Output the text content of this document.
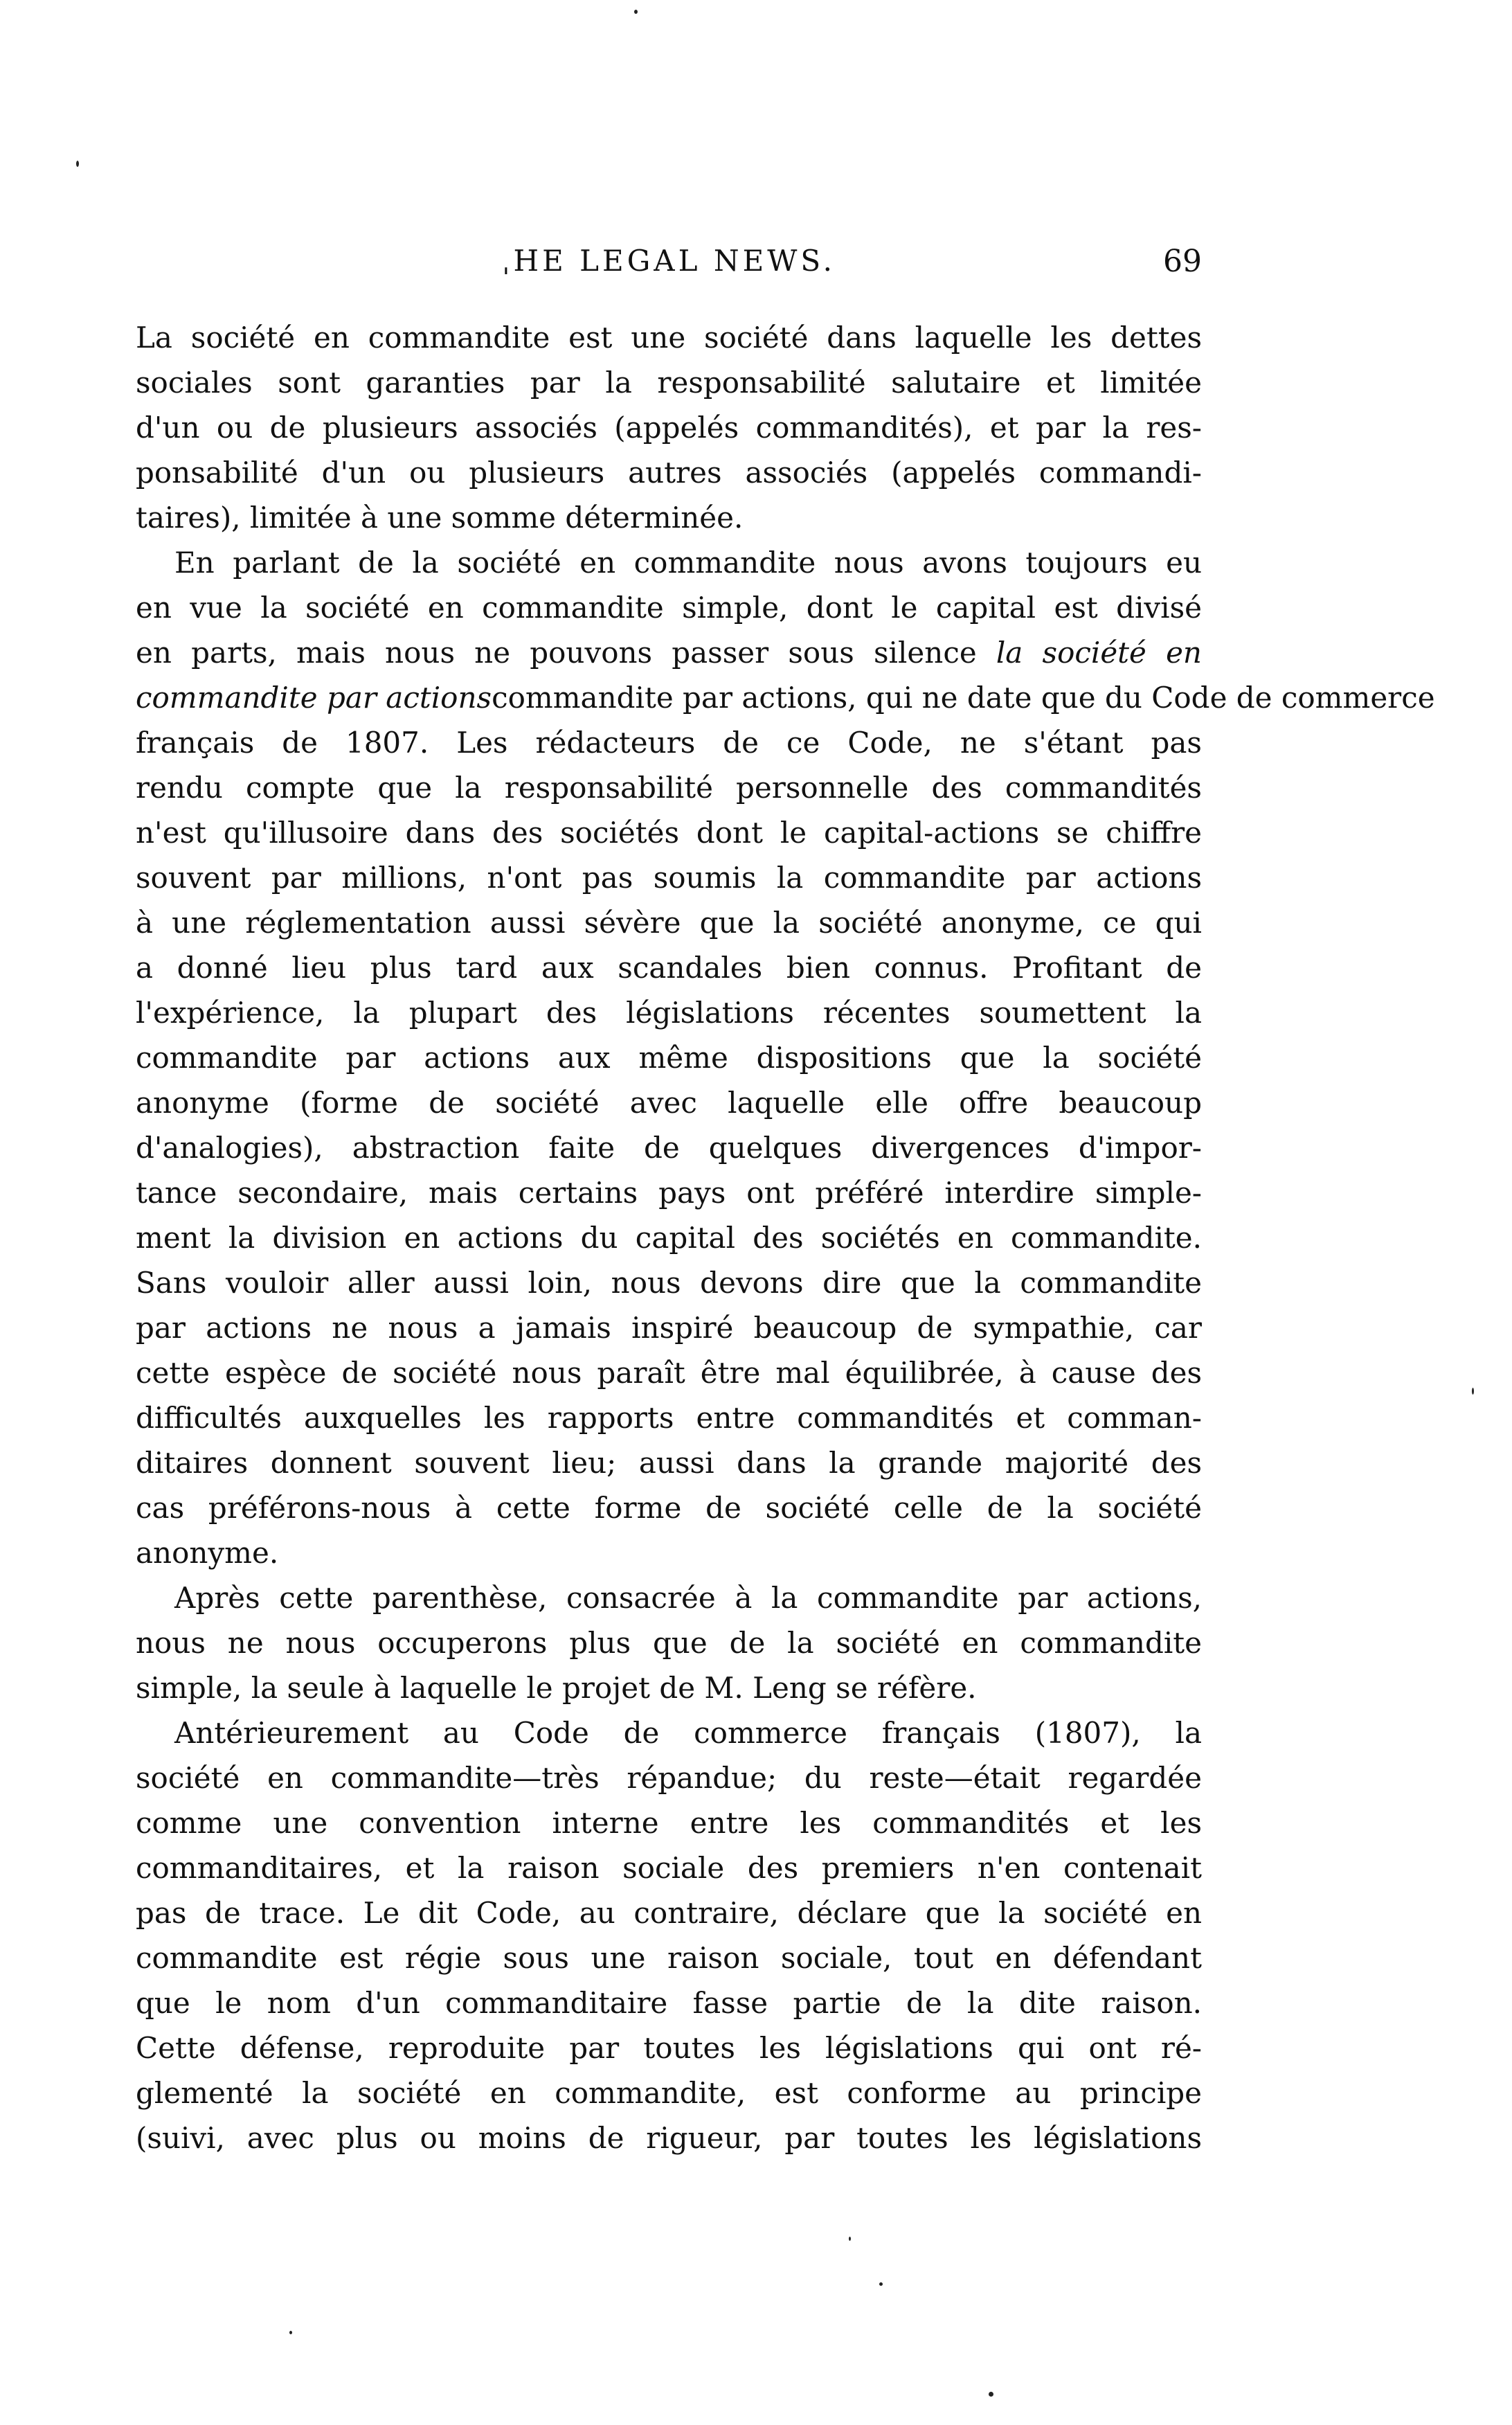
ˌHE LEGAL NEWS.	69

La société en commandite est une société dans laquelle les dettes
sociales sont garanties par la responsabilité salutaire et limitée
d'un ou de plusieurs associés (appelés commandités), et par la res-
ponsabilité d'un ou plusieurs autres associés (appelés commandi-
taires), limitée à une somme déterminée.

En parlant de la société en commandite nous avons toujours eu
en vue la société en commandite simple, dont le capital est divisé
en parts, mais nous ne pouvons passer sous silence la société en
commandite par actionscommandite par actions, qui ne date que du Code de commerce
français de 1807. Les rédacteurs de ce Code, ne s'étant pas
rendu compte que la responsabilité personnelle des commandités
n'est qu'illusoire dans des sociétés dont le capital-actions se chiffre
souvent par millions, n'ont pas soumis la commandite par actions
à une réglementation aussi sévère que la société anonyme, ce qui
a donné lieu plus tard aux scandales bien connus. Profitant de
l'expérience, la plupart des législations récentes soumettent la
commandite par actions aux même dispositions que la société
anonyme (forme de société avec laquelle elle offre beaucoup
d'analogies), abstraction faite de quelques divergences d'impor-
tance secondaire, mais certains pays ont préféré interdire simple-
ment la division en actions du capital des sociétés en commandite.
Sans vouloir aller aussi loin, nous devons dire que la commandite
par actions ne nous a jamais inspiré beaucoup de sympathie, car
cette espèce de société nous paraît être mal équilibrée, à cause des
difficultés auxquelles les rapports entre commandités et comman-
ditaires donnent souvent lieu; aussi dans la grande majorité des
cas préférons-nous à cette forme de société celle de la société
anonyme.

Après cette parenthèse, consacrée à la commandite par actions,
nous ne nous occuperons plus que de la société en commandite
simple, la seule à laquelle le projet de M. Leng se réfère.

Antérieurement au Code de commerce français (1807), la
société en commandite—très répandue; du reste—était regardée
comme une convention interne entre les commandités et les
commanditaires, et la raison sociale des premiers n'en contenait
pas de trace. Le dit Code, au contraire, déclare que la société en
commandite est régie sous une raison sociale, tout en défendant
que le nom d'un commanditaire fasse partie de la dite raison.
Cette défense, reproduite par toutes les législations qui ont ré-
glementé la société en commandite, est conforme au principe
(suivi, avec plus ou moins de rigueur, par toutes les législations
